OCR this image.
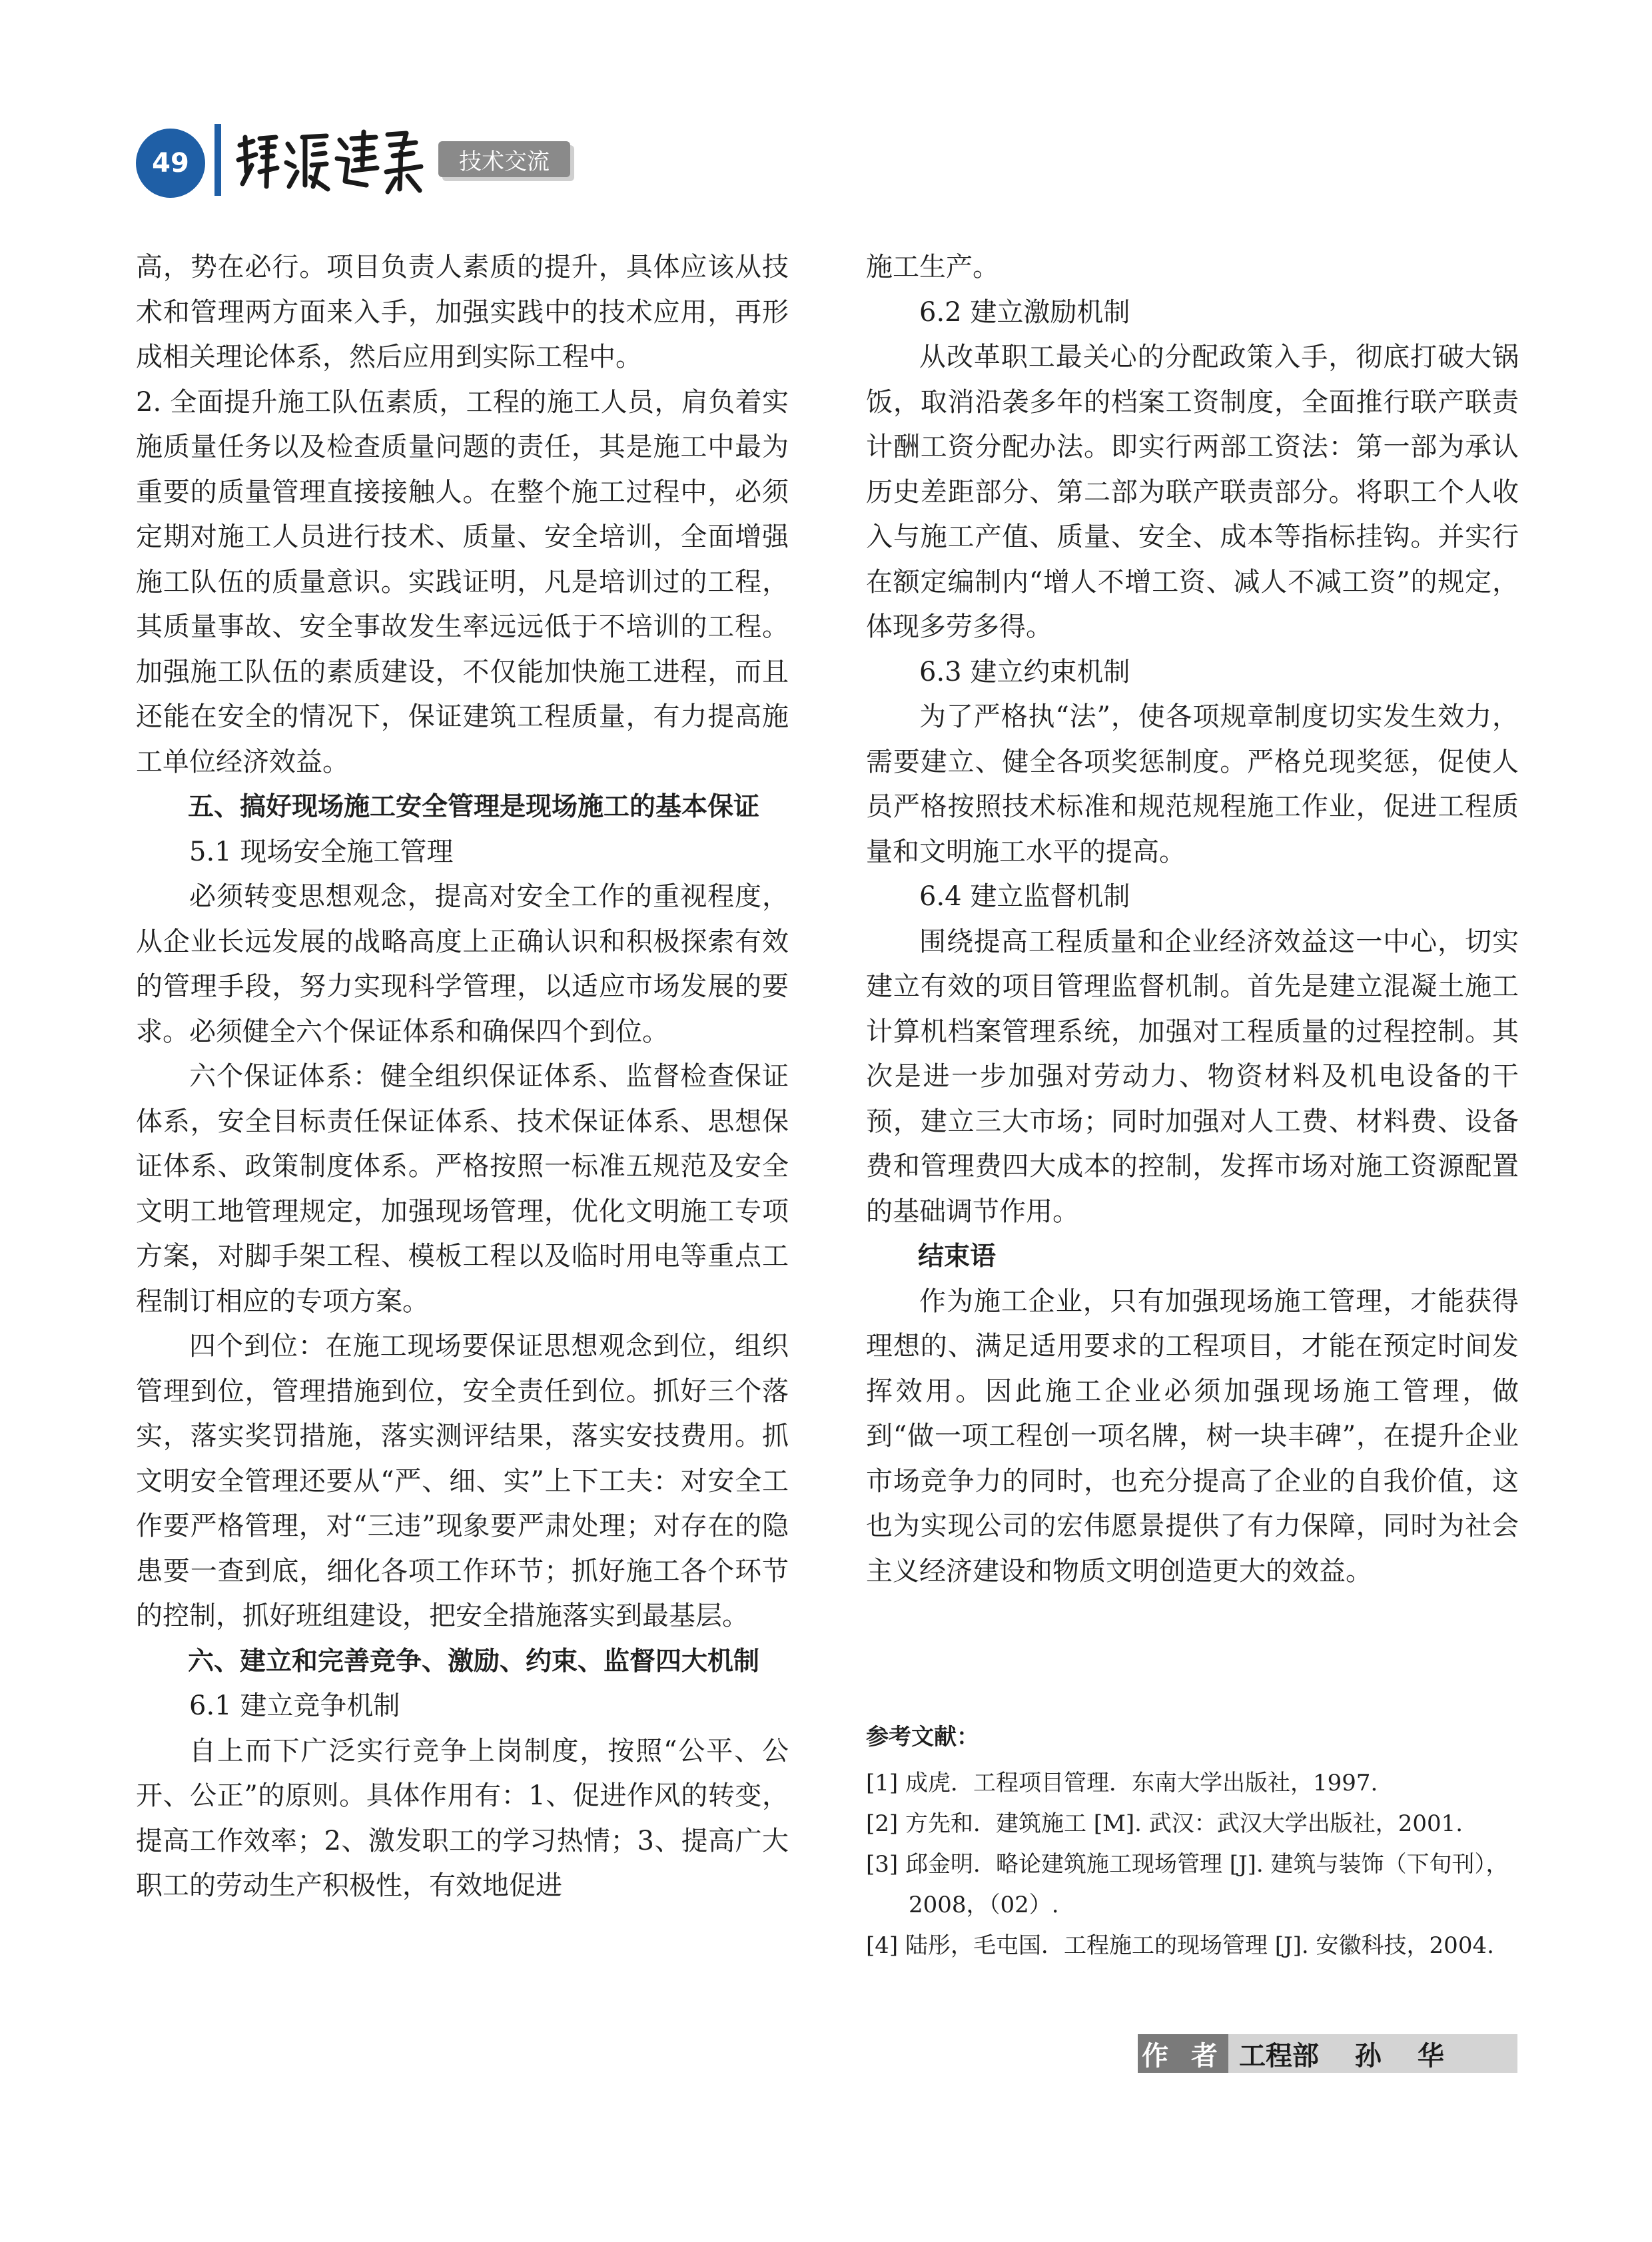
49	技术交流

高，势在必行。项目负责人素质的提升，具体应该从技术和管理两方面来入手，加强实践中的技术应用，再形成相关理论体系，然后应用到实际工程中。

2. 全面提升施工队伍素质，工程的施工人员，肩负着实施质量任务以及检查质量问题的责任，其是施工中最为重要的质量管理直接接触人。在整个施工过程中，必须定期对施工人员进行技术、质量、安全培训，全面增强施工队伍的质量意识。实践证明，凡是培训过的工程，其质量事故、安全事故发生率远远低于不培训的工程。加强施工队伍的素质建设，不仅能加快施工进程，而且还能在安全的情况下，保证建筑工程质量，有力提高施工单位经济效益。

五、搞好现场施工安全管理是现场施工的基本保证

5.1 现场安全施工管理

必须转变思想观念，提高对安全工作的重视程度，从企业长远发展的战略高度上正确认识和积极探索有效的管理手段，努力实现科学管理，以适应市场发展的要求。必须健全六个保证体系和确保四个到位。

六个保证体系：健全组织保证体系、监督检查保证体系，安全目标责任保证体系、技术保证体系、思想保证体系、政策制度体系。严格按照一标准五规范及安全文明工地管理规定，加强现场管理，优化文明施工专项方案，对脚手架工程、模板工程以及临时用电等重点工程制订相应的专项方案。

四个到位：在施工现场要保证思想观念到位，组织管理到位，管理措施到位，安全责任到位。抓好三个落实，落实奖罚措施，落实测评结果，落实安技费用。抓文明安全管理还要从“严、细、实”上下工夫：对安全工作要严格管理，对“三违”现象要严肃处理；对存在的隐患要一查到底，细化各项工作环节；抓好施工各个环节的控制，抓好班组建设，把安全措施落实到最基层。

六、建立和完善竞争、激励、约束、监督四大机制

6.1 建立竞争机制

自上而下广泛实行竞争上岗制度，按照“公平、公开、公正”的原则。具体作用有：1、促进作风的转变，提高工作效率；2、激发职工的学习热情；3、提高广大职工的劳动生产积极性，有效地促进

施工生产。

6.2 建立激励机制

从改革职工最关心的分配政策入手，彻底打破大锅饭，取消沿袭多年的档案工资制度，全面推行联产联责计酬工资分配办法。即实行两部工资法：第一部为承认历史差距部分、第二部为联产联责部分。将职工个人收入与施工产值、质量、安全、成本等指标挂钩。并实行在额定编制内“增人不增工资、减人不减工资”的规定，体现多劳多得。

6.3 建立约束机制

为了严格执“法”，使各项规章制度切实发生效力，需要建立、健全各项奖惩制度。严格兑现奖惩，促使人员严格按照技术标准和规范规程施工作业，促进工程质量和文明施工水平的提高。

6.4 建立监督机制

围绕提高工程质量和企业经济效益这一中心，切实建立有效的项目管理监督机制。首先是建立混凝土施工计算机档案管理系统，加强对工程质量的过程控制。其次是进一步加强对劳动力、物资材料及机电设备的干预，建立三大市场；同时加强对人工费、材料费、设备费和管理费四大成本的控制，发挥市场对施工资源配置的基础调节作用。

结束语

作为施工企业，只有加强现场施工管理，才能获得理想的、满足适用要求的工程项目，才能在预定时间发挥效用。因此施工企业必须加强现场施工管理，做到“做一项工程创一项名牌，树一块丰碑”，在提升企业市场竞争力的同时，也充分提高了企业的自我价值，这也为实现公司的宏伟愿景提供了有力保障，同时为社会主义经济建设和物质文明创造更大的效益。

参考文献：

[1] 成虎．工程项目管理．东南大学出版社，1997.

[2] 方先和．建筑施工 [M]. 武汉：武汉大学出版社，2001.

[3] 邱金明．略论建筑施工现场管理 [J]. 建筑与装饰（下旬刊）， 2008，（02）.

[4] 陆彤，毛屯国．工程施工的现场管理 [J]. 安徽科技，2004.

作 者 工程部 孙 华
